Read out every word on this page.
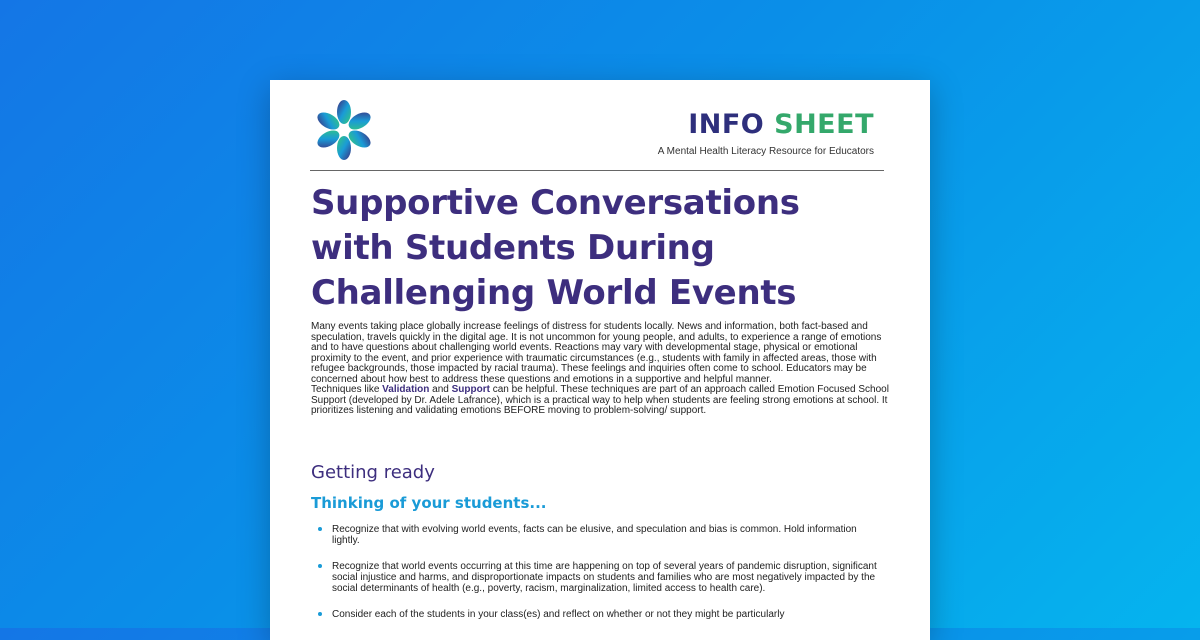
INFO SHEET
A Mental Health Literacy Resource for Educators
Supportive Conversations with Students During Challenging World Events

Many events taking place globally increase feelings of distress for students locally. News and information, both fact-based and speculation, travels quickly in the digital age. It is not uncommon for young people, and adults, to experience a range of emotions and to have questions about challenging world events. Reactions may vary with developmental stage, physical or emotional proximity to the event, and prior experience with traumatic circumstances (e.g., students with family in affected areas, those with refugee backgrounds, those impacted by racial trauma). These feelings and inquiries often come to school. Educators may be concerned about how best to address these questions and emotions in a supportive and helpful manner.

Techniques like Validation and Support can be helpful. These techniques are part of an approach called Emotion Focused School Support (developed by Dr. Adele Lafrance), which is a practical way to help when students are feeling strong emotions at school. It prioritizes listening and validating emotions BEFORE moving to problem-solving/ support.

Getting ready
Thinking of your students...
Recognize that with evolving world events, facts can be elusive, and speculation and bias is common. Hold information lightly.
Recognize that world events occurring at this time are happening on top of several years of pandemic disruption, significant social injustice and harms, and disproportionate impacts on students and families who are most negatively impacted by the social determinants of health (e.g., poverty, racism, marginalization, limited access to health care).
Consider each of the students in your class(es) and reflect on whether or not they might be particularly
